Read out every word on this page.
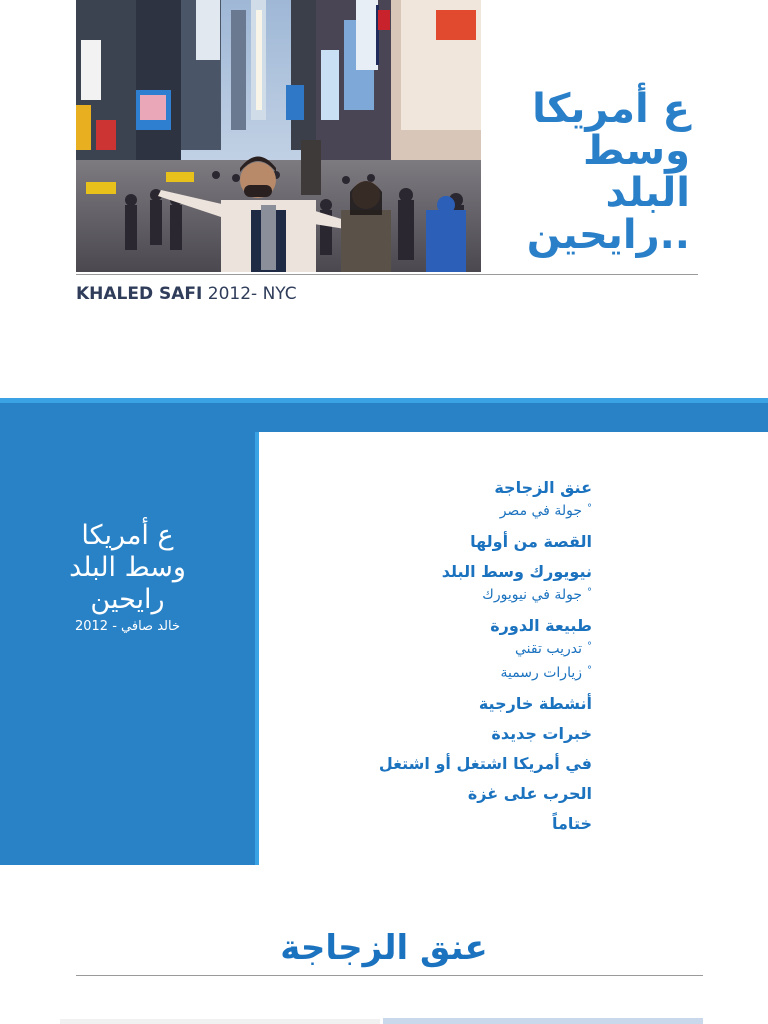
ع أمريكا
وسط
البلد
..رايحين
KHALED SAFI 2012- NYC
ع أمريكا
وسط البلد
رايحين
خالد صافي - 2012
عنق الزجاجة
°جولة في مصر
القصة من أولها
نيويورك وسط البلد
°جولة في نيويورك
طبيعة الدورة
°تدريب تقني
°زيارات رسمية
أنشطة خارجية
خبرات جديدة
في أمريكا اشتغل أو اشتغل
الحرب على غزة
ختاماً
عنق الزجاجة
